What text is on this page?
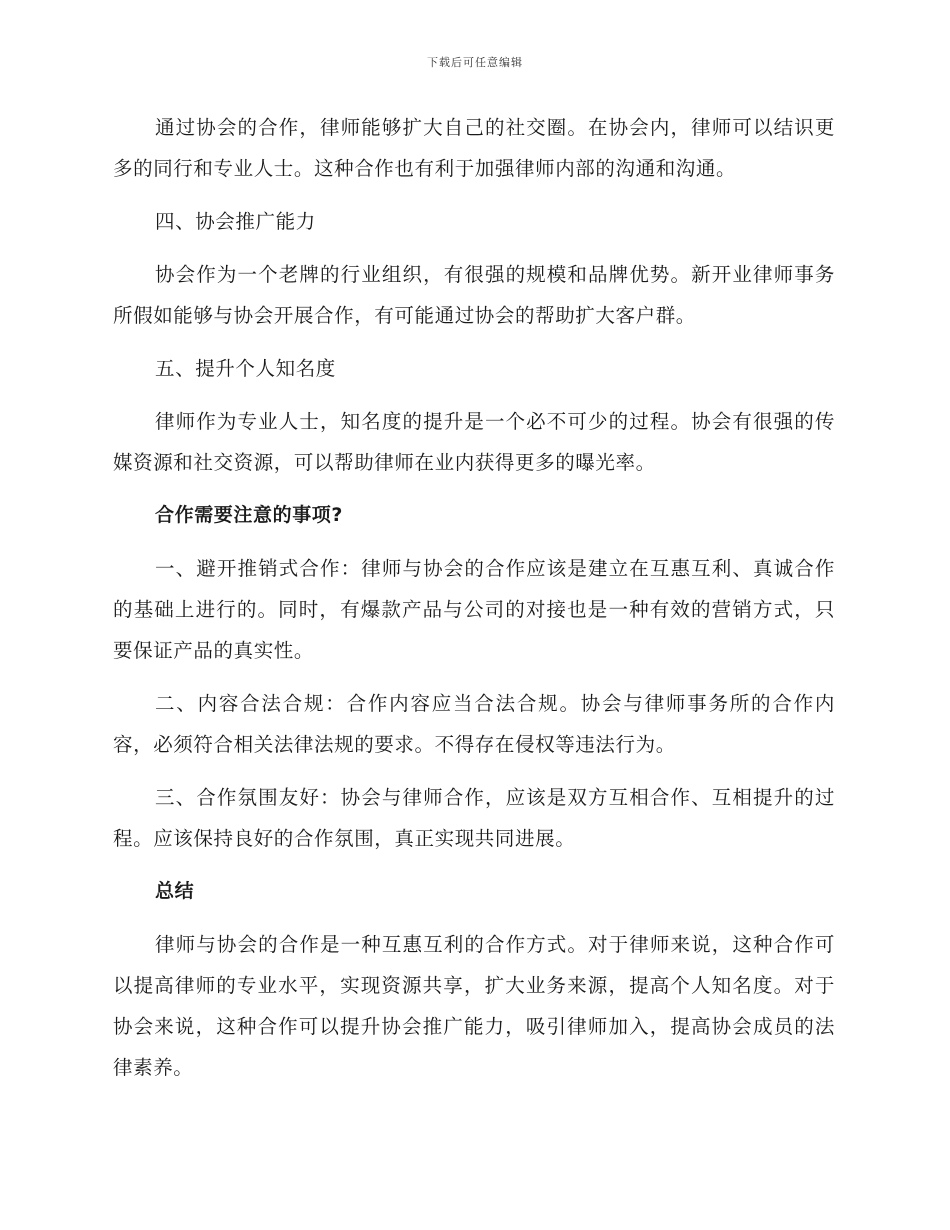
下载后可任意编辑

通过协会的合作，律师能够扩大自己的社交圈。在协会内，律师可以结识更多的同行和专业人士。这种合作也有利于加强律师内部的沟通和沟通。

四、协会推广能力

协会作为一个老牌的行业组织，有很强的规模和品牌优势。新开业律师事务所假如能够与协会开展合作，有可能通过协会的帮助扩大客户群。

五、提升个人知名度

律师作为专业人士，知名度的提升是一个必不可少的过程。协会有很强的传媒资源和社交资源，可以帮助律师在业内获得更多的曝光率。

合作需要注意的事项?

一、避开推销式合作：律师与协会的合作应该是建立在互惠互利、真诚合作的基础上进行的。同时，有爆款产品与公司的对接也是一种有效的营销方式，只要保证产品的真实性。

二、内容合法合规：合作内容应当合法合规。协会与律师事务所的合作内容，必须符合相关法律法规的要求。不得存在侵权等违法行为。

三、合作氛围友好：协会与律师合作，应该是双方互相合作、互相提升的过程。应该保持良好的合作氛围，真正实现共同进展。

总结

律师与协会的合作是一种互惠互利的合作方式。对于律师来说，这种合作可以提高律师的专业水平，实现资源共享，扩大业务来源，提高个人知名度。对于协会来说，这种合作可以提升协会推广能力，吸引律师加入，提高协会成员的法律素养。
